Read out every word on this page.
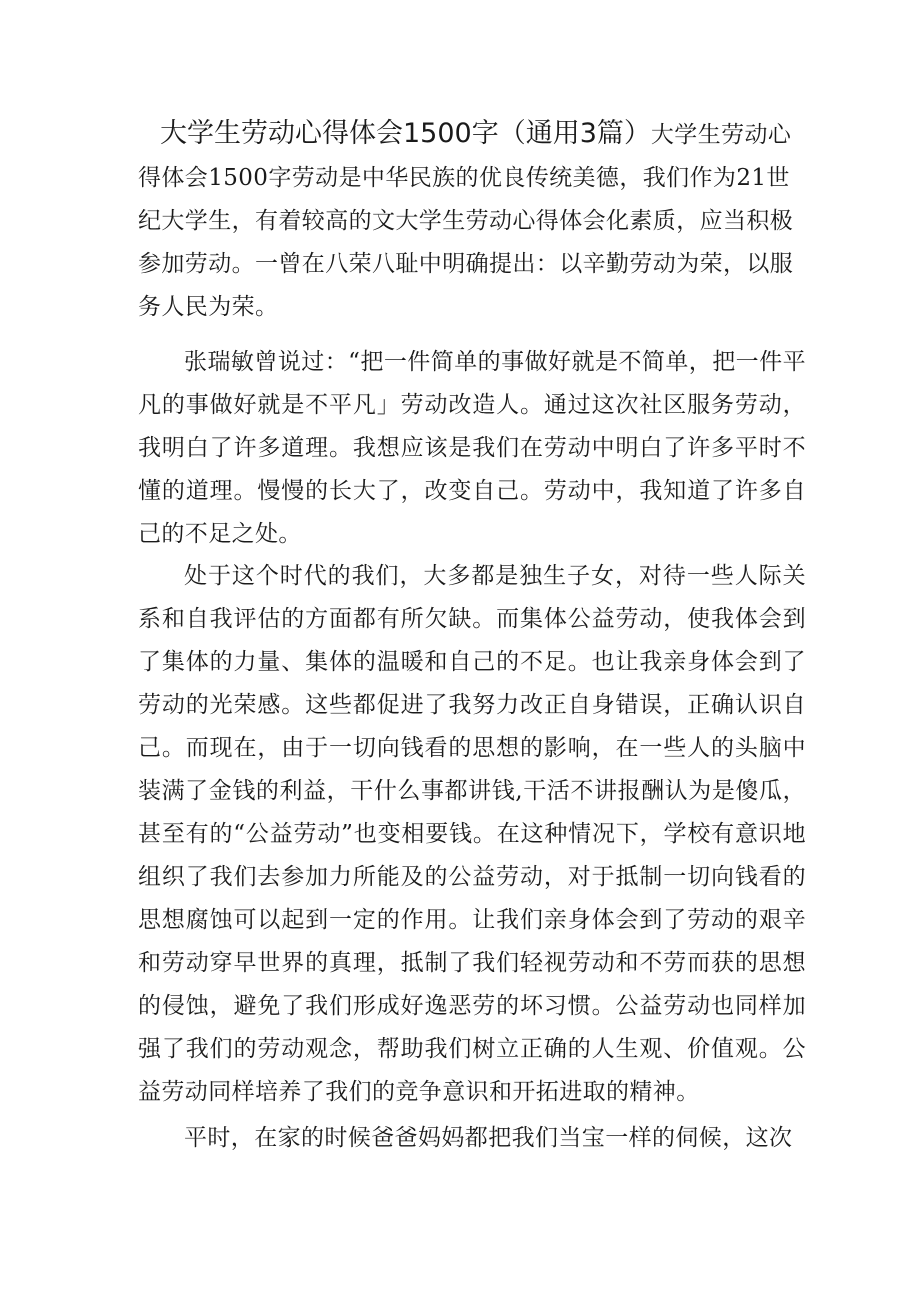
大学生劳动心得体会1500字（通用3篇）大学生劳动心得体会1500字劳动是中华民族的优良传统美德，我们作为21世纪大学生，有着较高的文大学生劳动心得体会化素质，应当积极参加劳动。一曾在八荣八耻中明确提出：以辛勤劳动为荣，以服务人民为荣。

张瑞敏曾说过：“把一件简单的事做好就是不简单，把一件平凡的事做好就是不平凡」劳动改造人。通过这次社区服务劳动，我明白了许多道理。我想应该是我们在劳动中明白了许多平时不懂的道理。慢慢的长大了，改变自己。劳动中，我知道了许多自己的不足之处。

处于这个时代的我们，大多都是独生子女，对待一些人际关系和自我评估的方面都有所欠缺。而集体公益劳动，使我体会到了集体的力量、集体的温暖和自己的不足。也让我亲身体会到了劳动的光荣感。这些都促进了我努力改正自身错误，正确认识自己。而现在，由于一切向钱看的思想的影响，在一些人的头脑中装满了金钱的利益，干什么事都讲钱,干活不讲报酬认为是傻瓜，甚至有的“公益劳动”也变相要钱。在这种情况下，学校有意识地组织了我们去参加力所能及的公益劳动，对于抵制一切向钱看的思想腐蚀可以起到一定的作用。让我们亲身体会到了劳动的艰辛和劳动穿早世界的真理，抵制了我们轻视劳动和不劳而获的思想的侵蚀，避免了我们形成好逸恶劳的坏习惯。公益劳动也同样加强了我们的劳动观念，帮助我们树立正确的人生观、价值观。公益劳动同样培养了我们的竞争意识和开拓进取的精神。

平时，在家的时候爸爸妈妈都把我们当宝一样的伺候，这次
